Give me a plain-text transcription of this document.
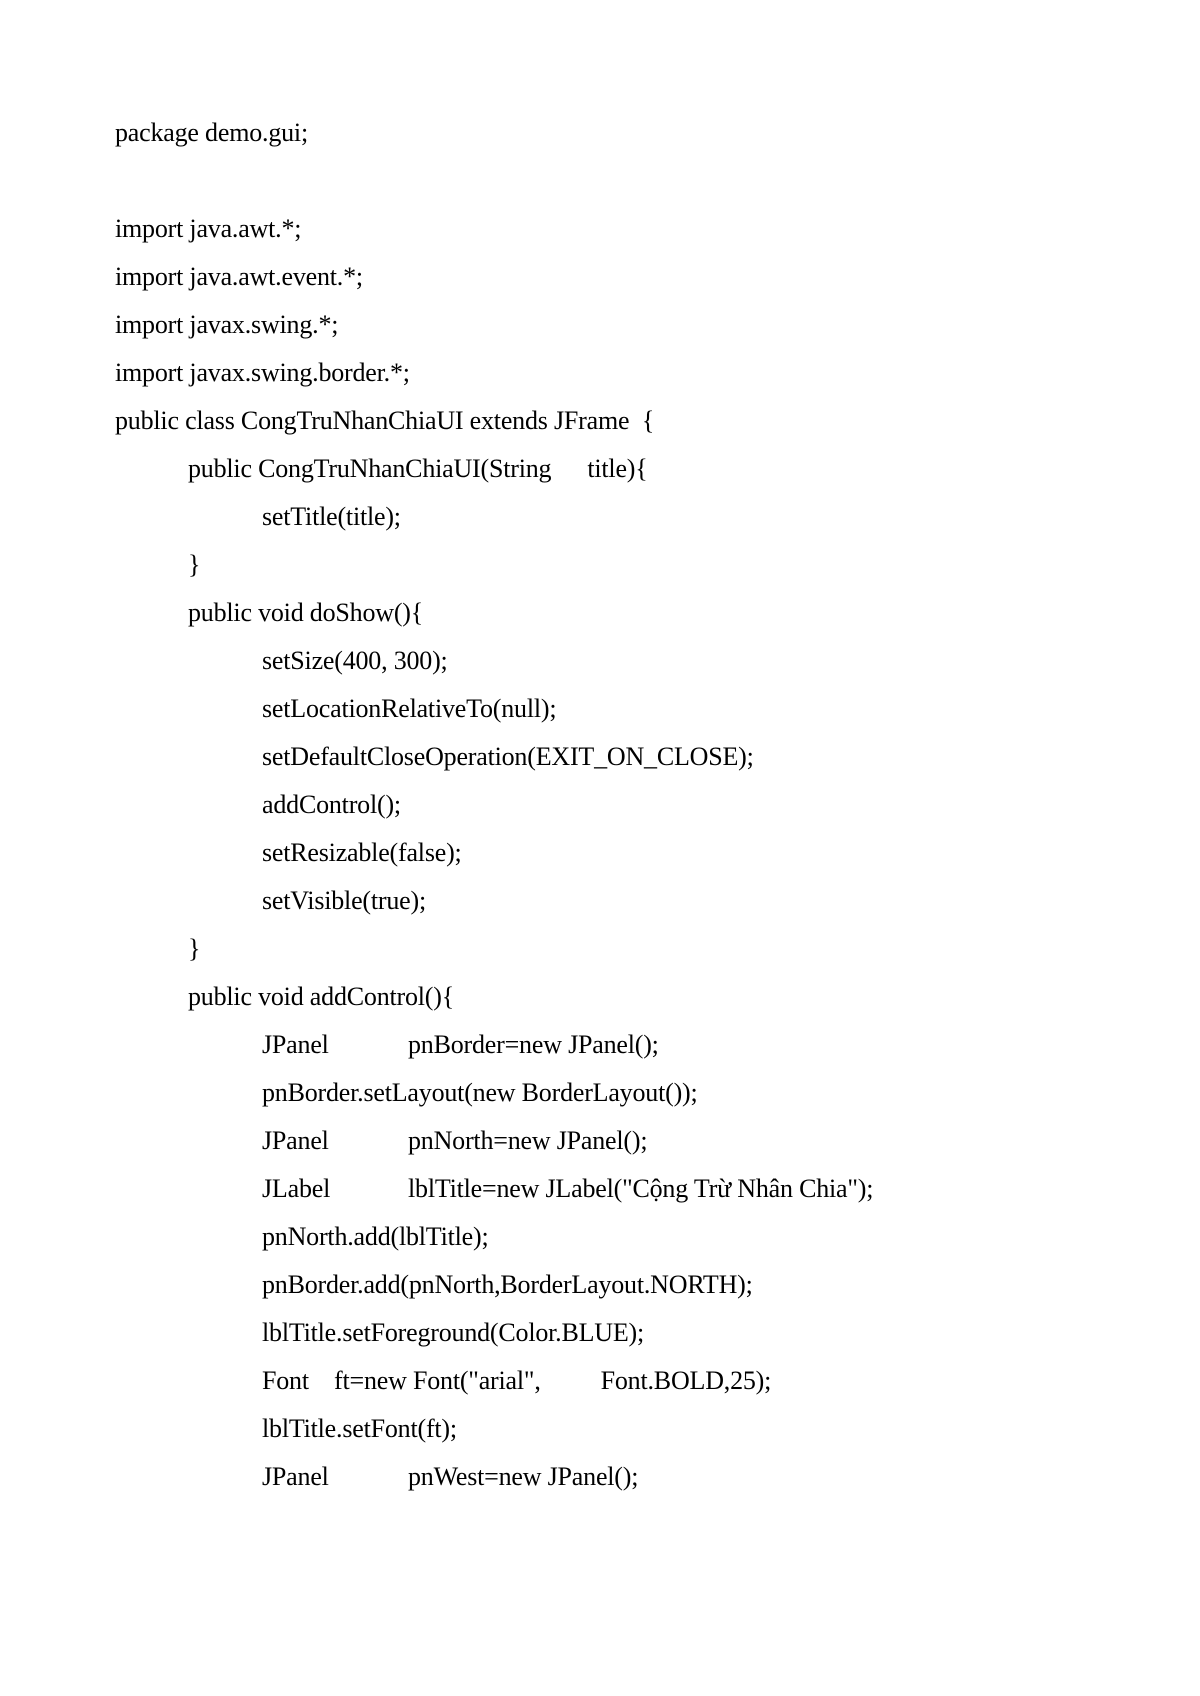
package demo.gui;
import java.awt.*;
import java.awt.event.*;
import javax.swing.*;
import javax.swing.border.*;
public class CongTruNhanChiaUI extends JFrame  {
public CongTruNhanChiaUI(String title){
setTitle(title);
}
public void doShow(){
setSize(400, 300);
setLocationRelativeTo(null);
setDefaultCloseOperation(EXIT_ON_CLOSE);
addControl();
setResizable(false);
setVisible(true);
}
public void addControl(){
JPanel	pnBorder=new JPanel();
pnBorder.setLayout(new BorderLayout());
JPanel	pnNorth=new JPanel();
JLabel	lblTitle=new JLabel("Cộng Trừ Nhân Chia");
pnNorth.add(lblTitle);
pnBorder.add(pnNorth,BorderLayout.NORTH);
lblTitle.setForeground(Color.BLUE);
Font ft=new Font("arial", Font.BOLD,25);
lblTitle.setFont(ft);
JPanel	pnWest=new JPanel();
